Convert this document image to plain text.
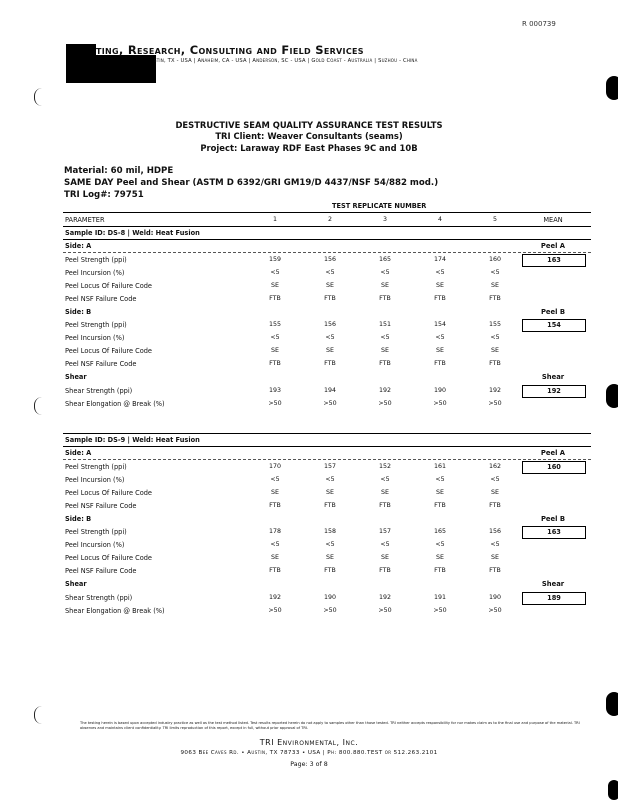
R 000739
ting, Research, Consulting and Field Services
stin, TX - USA | Anaheim, CA - USA | Anderson, SC - USA | Gold Coast - Australia | Suzhou - China
DESTRUCTIVE SEAM QUALITY ASSURANCE TEST RESULTS
TRI Client: Weaver Consultants (seams)
Project: Laraway RDF East Phases 9C and 10B
Material: 60 mil, HDPE
SAME DAY Peel and Shear (ASTM D 6392/GRI GM19/D 4437/NSF 54/882 mod.)
TRI Log#: 79751
TEST REPLICATE NUMBER
PARAMETER	1	2	3	4	5	MEAN
Sample ID: DS-8 | Weld: Heat Fusion
Side: A	Peel A
Peel Strength (ppi)	159	156	165	174	160	163
Peel Incursion (%)	<5	<5	<5	<5	<5
Peel Locus Of Failure Code	SE	SE	SE	SE	SE
Peel NSF Failure Code	FTB	FTB	FTB	FTB	FTB
Side: B	Peel B
Peel Strength (ppi)	155	156	151	154	155	154
Peel Incursion (%)	<5	<5	<5	<5	<5
Peel Locus Of Failure Code	SE	SE	SE	SE	SE
Peel NSF Failure Code	FTB	FTB	FTB	FTB	FTB
Shear	Shear
Shear Strength (ppi)	193	194	192	190	192	192
Shear Elongation @ Break (%)	>50	>50	>50	>50	>50
Sample ID: DS-9 | Weld: Heat Fusion
Side: A	Peel A
Peel Strength (ppi)	170	157	152	161	162	160
Peel Incursion (%)	<5	<5	<5	<5	<5
Peel Locus Of Failure Code	SE	SE	SE	SE	SE
Peel NSF Failure Code	FTB	FTB	FTB	FTB	FTB
Side: B	Peel B
Peel Strength (ppi)	178	158	157	165	156	163
Peel Incursion (%)	<5	<5	<5	<5	<5
Peel Locus Of Failure Code	SE	SE	SE	SE	SE
Peel NSF Failure Code	FTB	FTB	FTB	FTB	FTB
Shear	Shear
Shear Strength (ppi)	192	190	192	191	190	189
Shear Elongation @ Break (%)	>50	>50	>50	>50	>50
The testing herein is based upon accepted industry practice as well as the test method listed. Test results reported herein do not apply to samples other than those tested. TRI neither accepts responsibility for nor makes claim as to the final use and purpose of the material. TRI observes and maintains client confidentiality. TRI limits reproduction of this report, except in full, without prior approval of TRI.
TRI Environmental, Inc.
9063 Bee Caves Rd. • Austin, TX 78733 • USA | Ph: 800.880.TEST or 512.263.2101
Page: 3 of 8
